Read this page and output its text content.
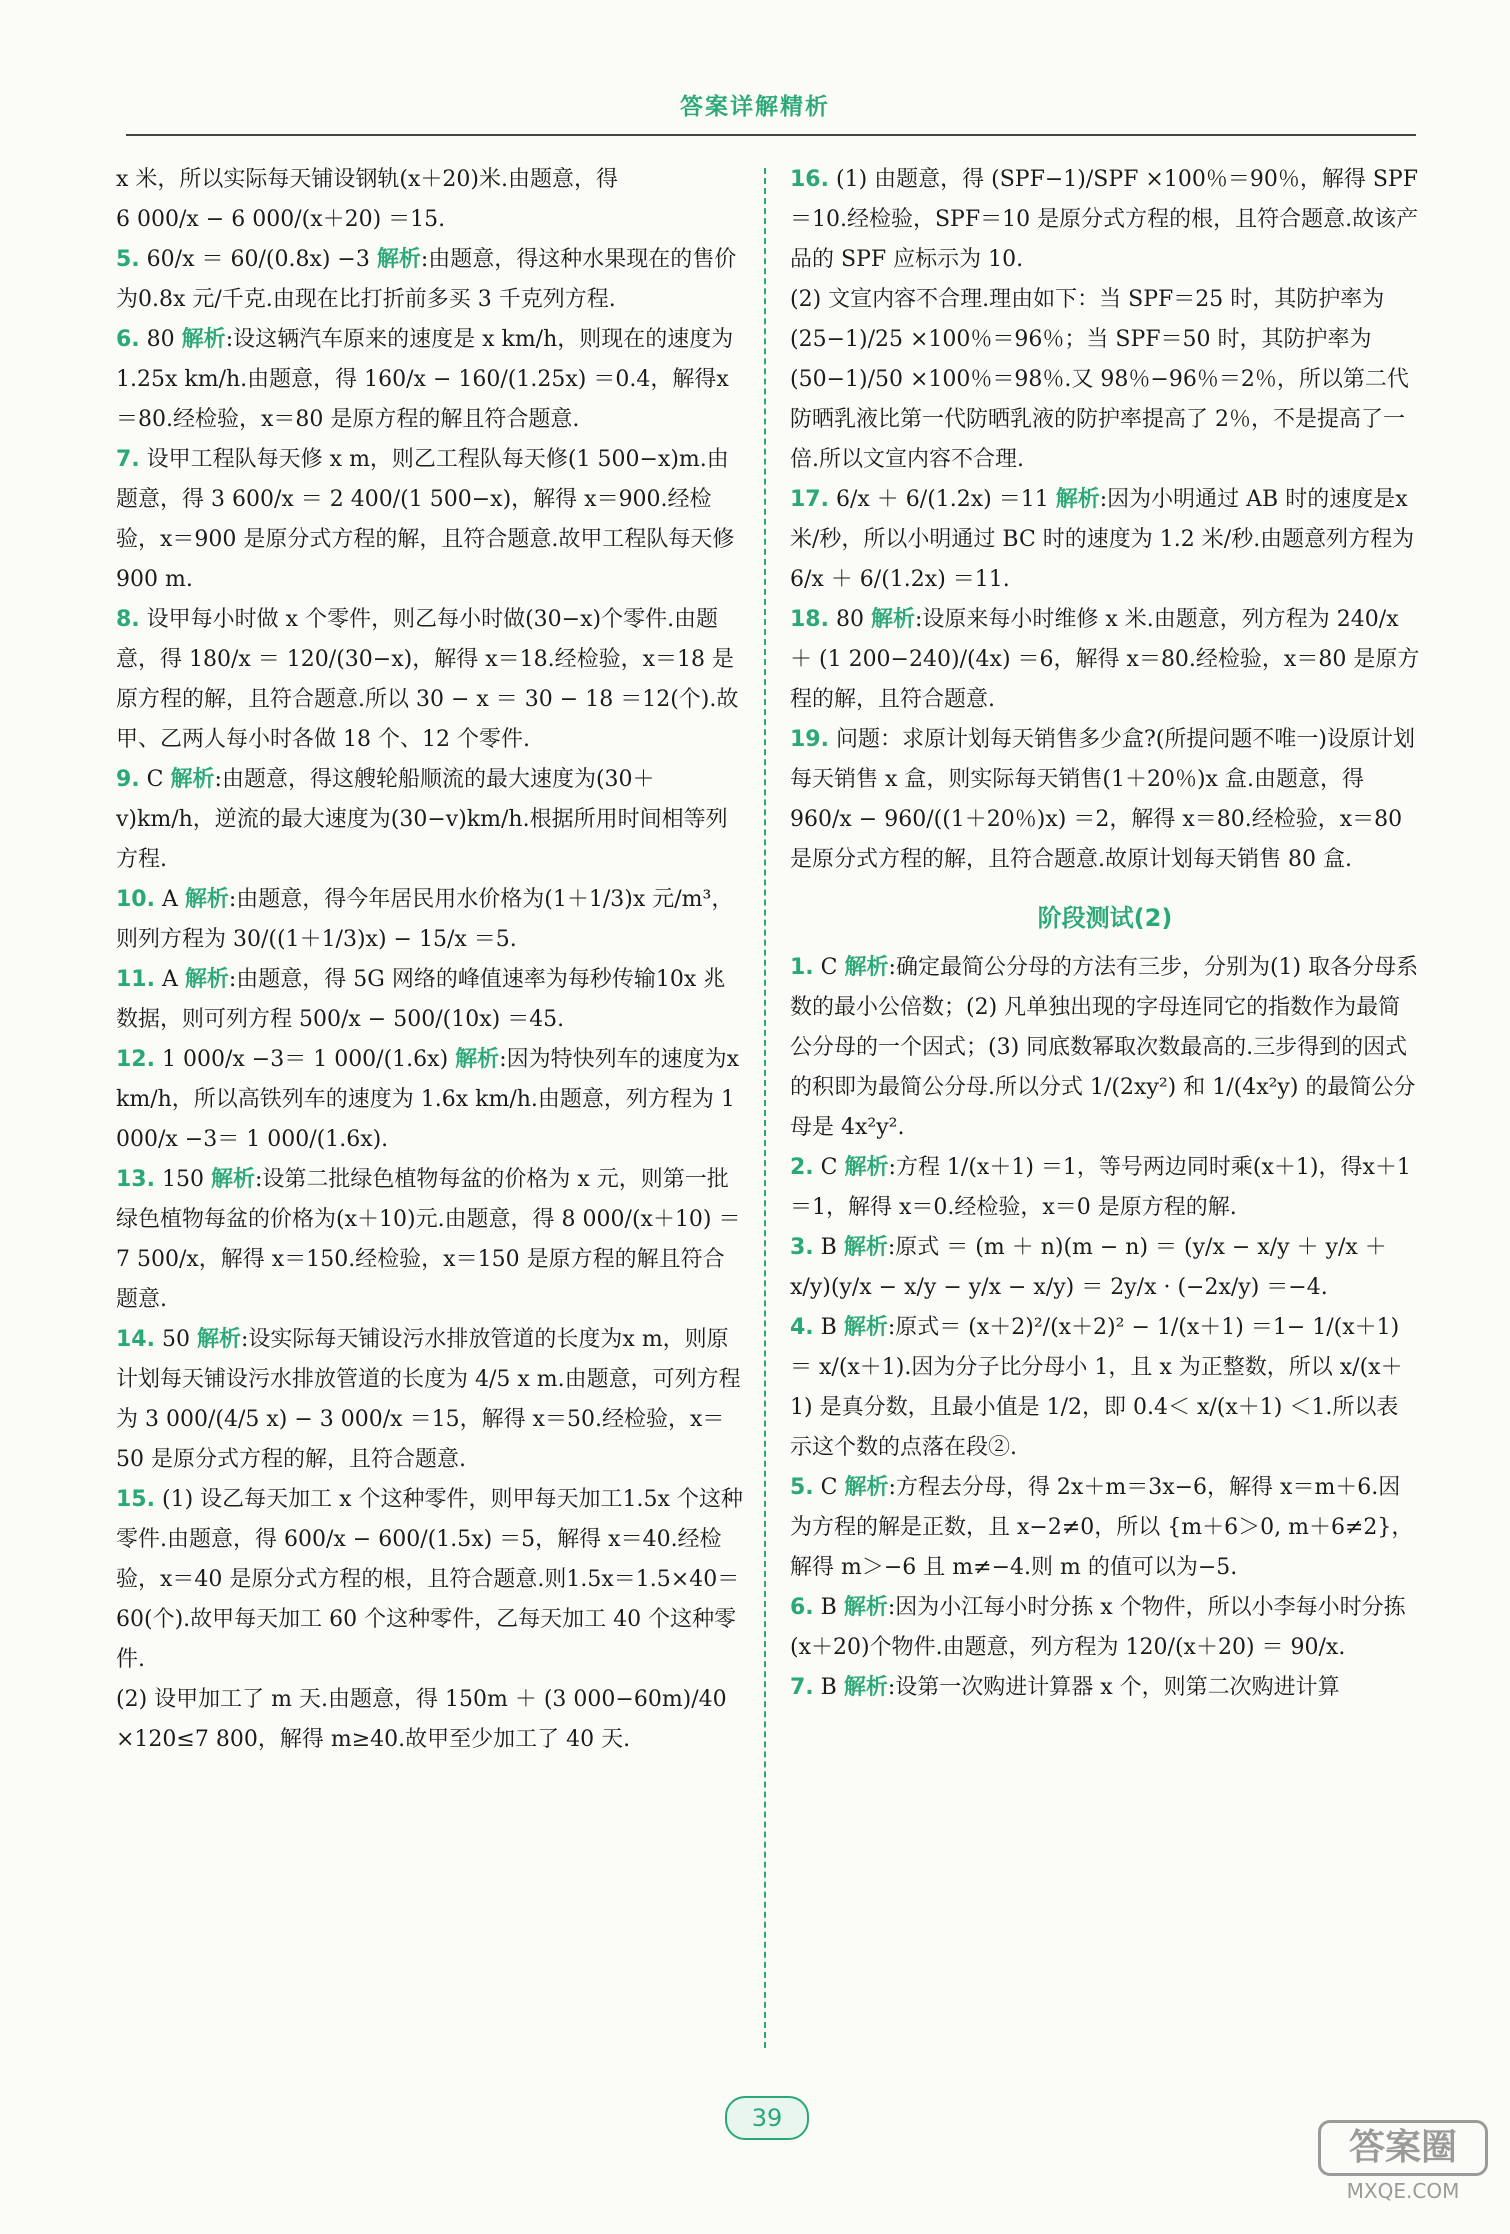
答案详解精析
x 米，所以实际每天铺设钢轨(x＋20)米.由题意，得
6 000/x − 6 000/(x＋20) ＝15.
5. 60/x ＝ 60/(0.8x) −3 解析:由题意，得这种水果现在的售价为0.8x 元/千克.由现在比打折前多买 3 千克列方程.
6. 80 解析:设这辆汽车原来的速度是 x km/h，则现在的速度为 1.25x km/h.由题意，得 160/x − 160/(1.25x) ＝0.4，解得x＝80.经检验，x＝80 是原方程的解且符合题意.
7. 设甲工程队每天修 x m，则乙工程队每天修(1 500−x)m.由题意，得 3 600/x ＝ 2 400/(1 500−x)，解得 x＝900.经检验，x＝900 是原分式方程的解，且符合题意.故甲工程队每天修900 m.
8. 设甲每小时做 x 个零件，则乙每小时做(30−x)个零件.由题意，得 180/x ＝ 120/(30−x)，解得 x＝18.经检验，x＝18 是原方程的解，且符合题意.所以 30 − x ＝ 30 − 18 ＝12(个).故甲、乙两人每小时各做 18 个、12 个零件.
9. C 解析:由题意，得这艘轮船顺流的最大速度为(30＋v)km/h，逆流的最大速度为(30−v)km/h.根据所用时间相等列方程.
10. A 解析:由题意，得今年居民用水价格为(1＋1/3)x 元/m³，则列方程为 30/((1＋1/3)x) − 15/x ＝5.
11. A 解析:由题意，得 5G 网络的峰值速率为每秒传输10x 兆数据，则可列方程 500/x − 500/(10x) ＝45.
12. 1 000/x −3＝ 1 000/(1.6x) 解析:因为特快列车的速度为x km/h，所以高铁列车的速度为 1.6x km/h.由题意，列方程为 1 000/x −3＝ 1 000/(1.6x).
13. 150 解析:设第二批绿色植物每盆的价格为 x 元，则第一批绿色植物每盆的价格为(x＋10)元.由题意，得 8 000/(x＋10) ＝ 7 500/x，解得 x＝150.经检验，x＝150 是原方程的解且符合题意.
14. 50 解析:设实际每天铺设污水排放管道的长度为x m，则原计划每天铺设污水排放管道的长度为 4/5 x m.由题意，可列方程为 3 000/(4/5 x) − 3 000/x ＝15，解得 x＝50.经检验，x＝50 是原分式方程的解，且符合题意.
15. (1) 设乙每天加工 x 个这种零件，则甲每天加工1.5x 个这种零件.由题意，得 600/x − 600/(1.5x) ＝5，解得 x＝40.经检验，x＝40 是原分式方程的根，且符合题意.则1.5x＝1.5×40＝60(个).故甲每天加工 60 个这种零件，乙每天加工 40 个这种零件.
(2) 设甲加工了 m 天.由题意，得 150m ＋ (3 000−60m)/40 ×120≤7 800，解得 m≥40.故甲至少加工了 40 天.
16. (1) 由题意，得 (SPF−1)/SPF ×100％＝90％，解得 SPF＝10.经检验，SPF＝10 是原分式方程的根，且符合题意.故该产品的 SPF 应标示为 10.
(2) 文宣内容不合理.理由如下：当 SPF＝25 时，其防护率为 (25−1)/25 ×100％＝96％；当 SPF＝50 时，其防护率为 (50−1)/50 ×100％＝98％.又 98％−96％＝2％，所以第二代防晒乳液比第一代防晒乳液的防护率提高了 2％，不是提高了一倍.所以文宣内容不合理.
17. 6/x ＋ 6/(1.2x) ＝11 解析:因为小明通过 AB 时的速度是x 米/秒，所以小明通过 BC 时的速度为 1.2 米/秒.由题意列方程为 6/x ＋ 6/(1.2x) ＝11.
18. 80 解析:设原来每小时维修 x 米.由题意，列方程为 240/x ＋ (1 200−240)/(4x) ＝6，解得 x＝80.经检验，x＝80 是原方程的解，且符合题意.
19. 问题：求原计划每天销售多少盒?(所提问题不唯一)设原计划每天销售 x 盒，则实际每天销售(1＋20％)x 盒.由题意，得 960/x − 960/((1＋20％)x) ＝2，解得 x＝80.经检验，x＝80 是原分式方程的解，且符合题意.故原计划每天销售 80 盒.
阶段测试(2)
1. C 解析:确定最简公分母的方法有三步，分别为(1) 取各分母系数的最小公倍数；(2) 凡单独出现的字母连同它的指数作为最简公分母的一个因式；(3) 同底数幂取次数最高的.三步得到的因式的积即为最简公分母.所以分式 1/(2xy²) 和 1/(4x²y) 的最简公分母是 4x²y².
2. C 解析:方程 1/(x＋1) ＝1，等号两边同时乘(x＋1)，得x＋1＝1，解得 x＝0.经检验，x＝0 是原方程的解.
3. B 解析:原式 ＝ (m ＋ n)(m − n) ＝ (y/x − x/y ＋ y/x ＋ x/y)(y/x − x/y − y/x − x/y) ＝ 2y/x · (−2x/y) ＝−4.
4. B 解析:原式＝ (x＋2)²/(x＋2)² − 1/(x＋1) ＝1− 1/(x＋1) ＝ x/(x＋1).因为分子比分母小 1，且 x 为正整数，所以 x/(x＋1) 是真分数，且最小值是 1/2，即 0.4＜ x/(x＋1) ＜1.所以表示这个数的点落在段②.
5. C 解析:方程去分母，得 2x＋m＝3x−6，解得 x＝m＋6.因为方程的解是正数，且 x−2≠0，所以 {m＋6＞0, m＋6≠2}，解得 m＞−6 且 m≠−4.则 m 的值可以为−5.
6. B 解析:因为小江每小时分拣 x 个物件，所以小李每小时分拣(x＋20)个物件.由题意，列方程为 120/(x＋20) ＝ 90/x.
7. B 解析:设第一次购进计算器 x 个，则第二次购进计算
39
答案圈
MXQE.COM
